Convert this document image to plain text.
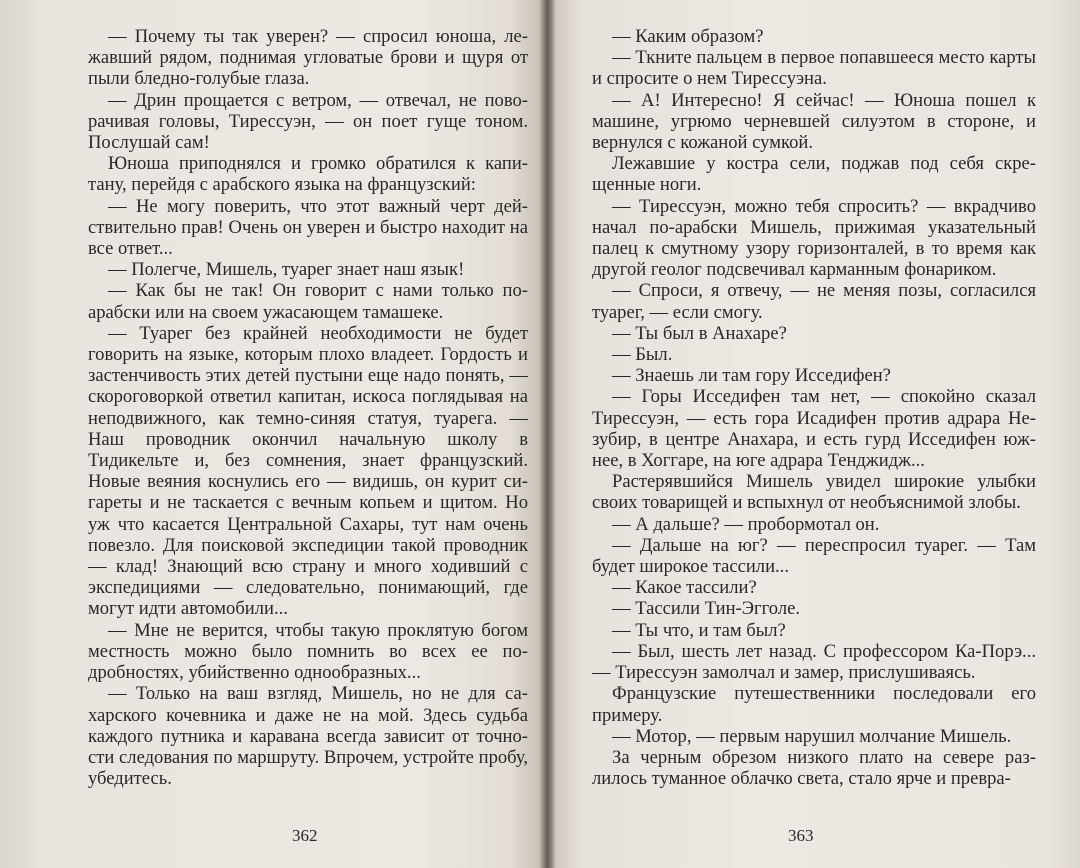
— Почему ты так уверен? — спросил юноша, лежавший рядом, поднимая угловатые брови и щуря от пыли бледно-голубые глаза.

— Дрин прощается с ветром, — отвечал, не поворачивая головы, Тирессуэн, — он поет гуще тоном. Послушай сам!

Юноша приподнялся и громко обратился к капитану, перейдя с арабского языка на французский:

— Не могу поверить, что этот важный черт действительно прав! Очень он уверен и быстро находит на все ответ...

— Полегче, Мишель, туарег знает наш язык!

— Как бы не так! Он говорит с нами только по-арабски или на своем ужасающем тамашеке.

— Туарег без крайней необходимости не будет говорить на языке, которым плохо владеет. Гордость и застенчивость этих детей пустыни еще надо понять, — скороговоркой ответил капитан, искоса поглядывая на неподвижного, как темно-синяя статуя, туарега. — Наш проводник окончил начальную школу в Тидикельте и, без сомнения, знает французский. Новые веяния коснулись его — видишь, он курит сигареты и не таскается с вечным копьем и щитом. Но уж что касается Центральной Сахары, тут нам очень повезло. Для поисковой экспедиции такой проводник — клад! Знающий всю страну и много ходивший с экспедициями — следовательно, понимающий, где могут идти автомобили...

— Мне не верится, чтобы такую проклятую богом местность можно было помнить во всех ее подробностях, убийственно однообразных...

— Только на ваш взгляд, Мишель, но не для сахарского кочевника и даже не на мой. Здесь судьба каждого путника и каравана всегда зависит от точности следования по маршруту. Впрочем, устройте пробу, убедитесь.

362

— Каким образом?

— Ткните пальцем в первое попавшееся место карты и спросите о нем Тирессуэна.

— А! Интересно! Я сейчас! — Юноша пошел к машине, угрюмо черневшей силуэтом в стороне, и вернулся с кожаной сумкой.

Лежавшие у костра сели, поджав под себя скрещенные ноги.

— Тирессуэн, можно тебя спросить? — вкрадчиво начал по-арабски Мишель, прижимая указательный палец к смутному узору горизонталей, в то время как другой геолог подсвечивал карманным фонариком.

— Спроси, я отвечу, — не меняя позы, согласился туарег, — если смогу.

— Ты был в Анахаре?

— Был.

— Знаешь ли там гору Исседифен?

— Горы Исседифен там нет, — спокойно сказал Тирессуэн, — есть гора Исадифен против адрара Незубир, в центре Анахара, и есть гурд Исседифен южнее, в Хоггаре, на юге адрара Тенджидж...

Растерявшийся Мишель увидел широкие улыбки своих товарищей и вспыхнул от необъяснимой злобы.

— А дальше? — пробормотал он.

— Дальше на юг? — переспросил туарег. — Там будет широкое тассили...

— Какое тассили?

— Тассили Тин-Эгголе.

— Ты что, и там был?

— Был, шесть лет назад. С профессором Ка-Порэ... — Тирессуэн замолчал и замер, прислушиваясь.

Французские путешественники последовали его примеру.

— Мотор, — первым нарушил молчание Мишель.

За черным обрезом низкого плато на севере разлилось туманное облачко света, стало ярче и превра-

363
